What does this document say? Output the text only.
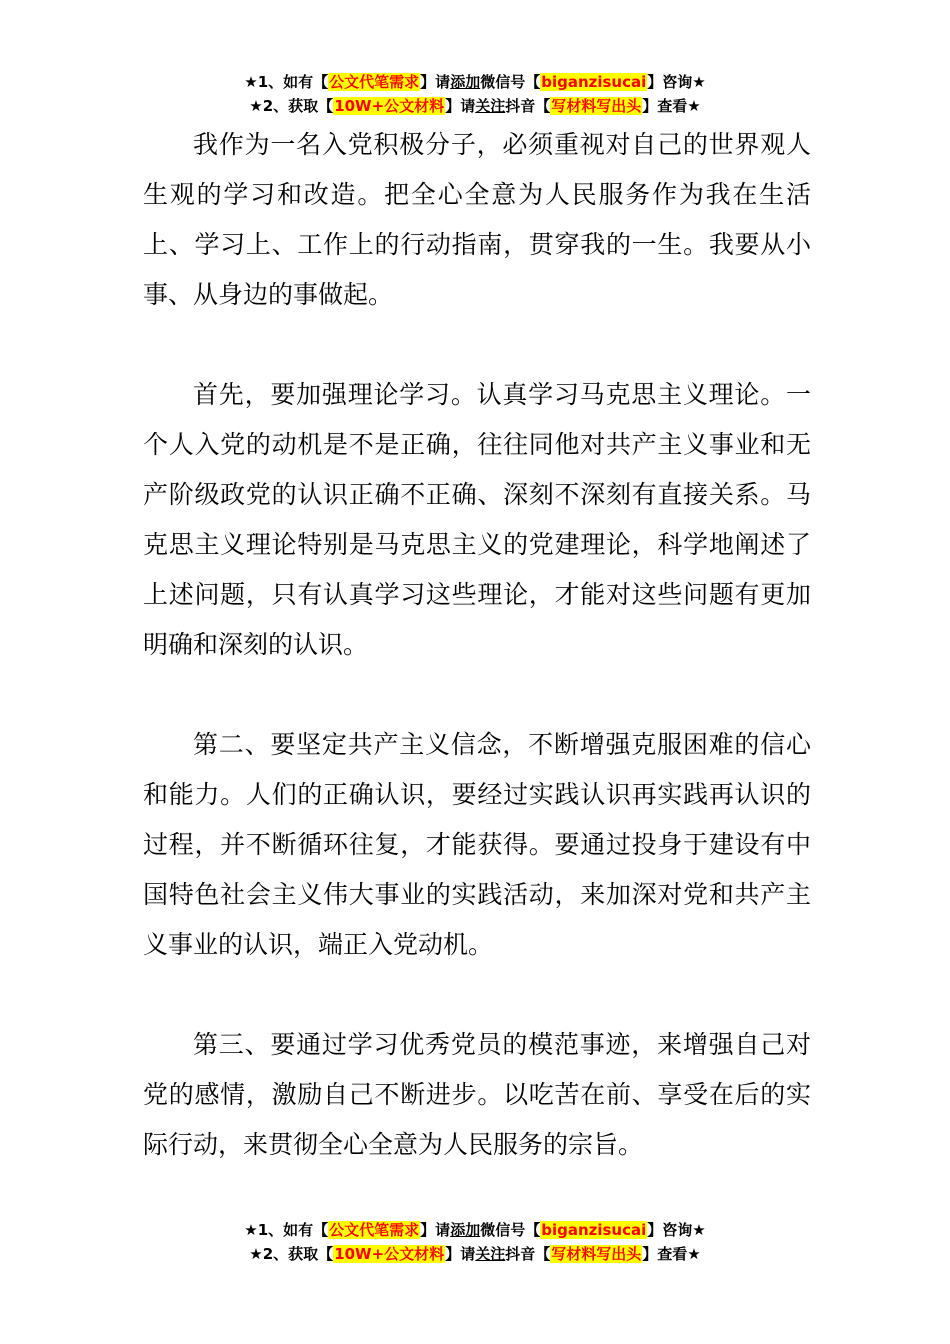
★1、如有【公文代笔需求】请添加微信号【biganzisucai】咨询★
★2、获取【10W+公文材料】请关注抖音【写材料写出头】查看★

我作为一名入党积极分子，必须重视对自己的世界观人生观的学习和改造。把全心全意为人民服务作为我在生活上、学习上、工作上的行动指南，贯穿我的一生。我要从小事、从身边的事做起。

首先，要加强理论学习。认真学习马克思主义理论。一个人入党的动机是不是正确，往往同他对共产主义事业和无产阶级政党的认识正确不正确、深刻不深刻有直接关系。马克思主义理论特别是马克思主义的党建理论，科学地阐述了上述问题，只有认真学习这些理论，才能对这些问题有更加明确和深刻的认识。

第二、要坚定共产主义信念，不断增强克服困难的信心和能力。人们的正确认识，要经过实践认识再实践再认识的过程，并不断循环往复，才能获得。要通过投身于建设有中国特色社会主义伟大事业的实践活动，来加深对党和共产主义事业的认识，端正入党动机。

第三、要通过学习优秀党员的模范事迹，来增强自己对党的感情，激励自己不断进步。以吃苦在前、享受在后的实际行动，来贯彻全心全意为人民服务的宗旨。

★1、如有【公文代笔需求】请添加微信号【biganzisucai】咨询★
★2、获取【10W+公文材料】请关注抖音【写材料写出头】查看★
